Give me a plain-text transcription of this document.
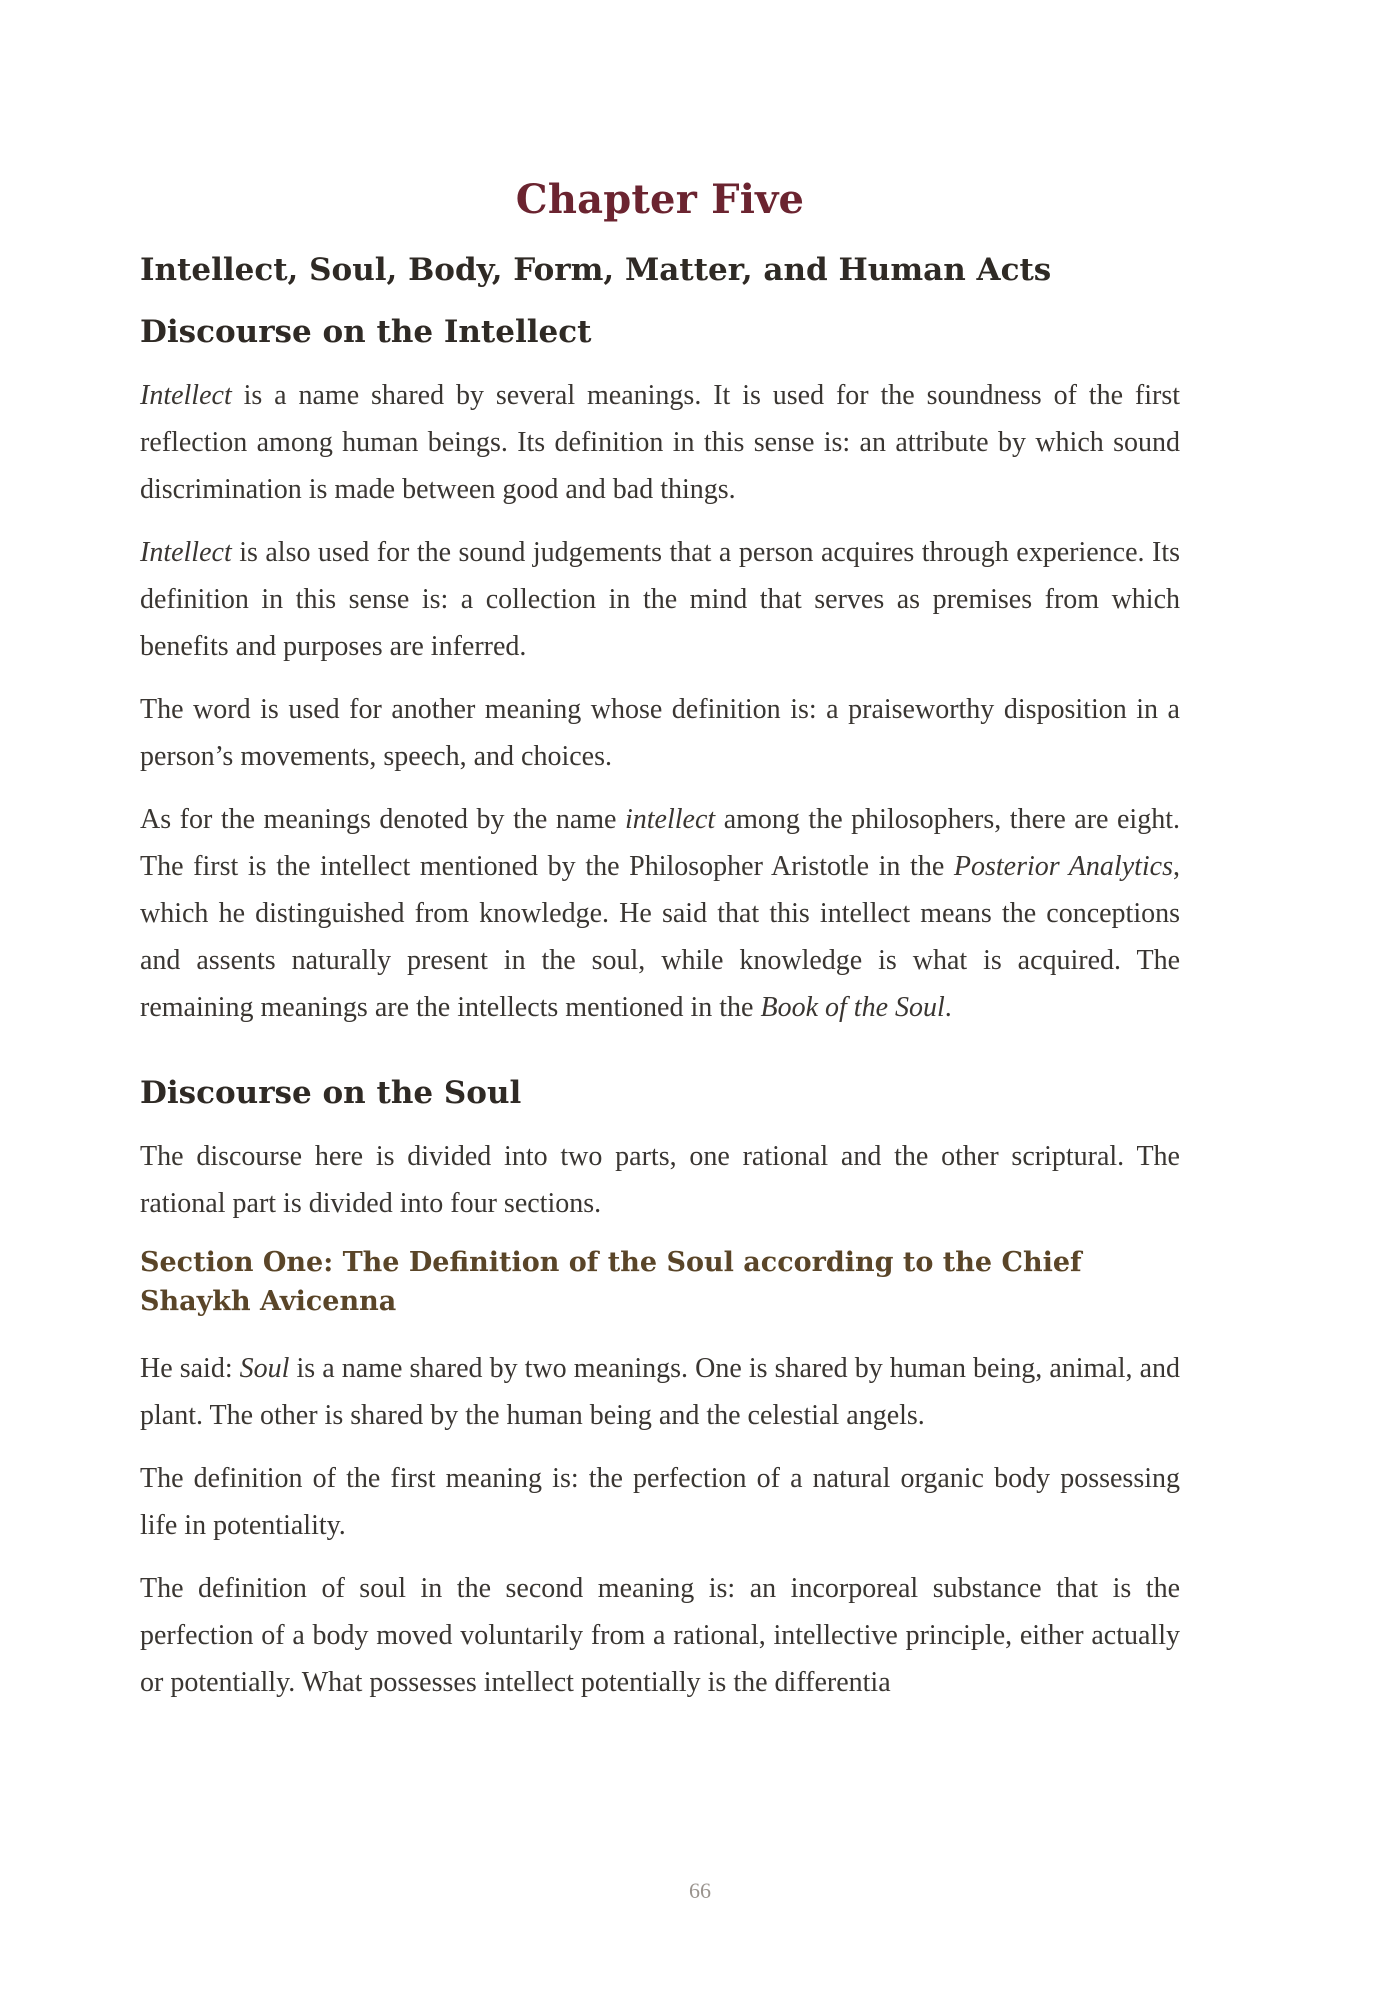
Chapter Five
Intellect, Soul, Body, Form, Matter, and Human Acts
Discourse on the Intellect

Intellect is a name shared by several meanings. It is used for the soundness of the first reflection among human beings. Its definition in this sense is: an attribute by which sound discrimination is made between good and bad things.

Intellect is also used for the sound judgements that a person acquires through experience. Its definition in this sense is: a collection in the mind that serves as premises from which benefits and purposes are inferred.

The word is used for another meaning whose definition is: a praiseworthy disposition in a person’s movements, speech, and choices.

As for the meanings denoted by the name intellect among the philosophers, there are eight. The first is the intellect mentioned by the Philosopher Aristotle in the Posterior Analytics, which he distinguished from knowledge. He said that this intellect means the conceptions and assents naturally present in the soul, while knowledge is what is acquired. The remaining meanings are the intellects mentioned in the Book of the Soul.

Discourse on the Soul

The discourse here is divided into two parts, one rational and the other scriptural. The rational part is divided into four sections.

Section One: The Definition of the Soul according to the Chief Shaykh Avicenna

He said: Soul is a name shared by two meanings. One is shared by human being, animal, and plant. The other is shared by the human being and the celestial angels.

The definition of the first meaning is: the perfection of a natural organic body possessing life in potentiality.

The definition of soul in the second meaning is: an incorporeal substance that is the perfection of a body moved voluntarily from a rational, intellective principle, either actually or potentially. What possesses intellect potentially is the differentia

66
